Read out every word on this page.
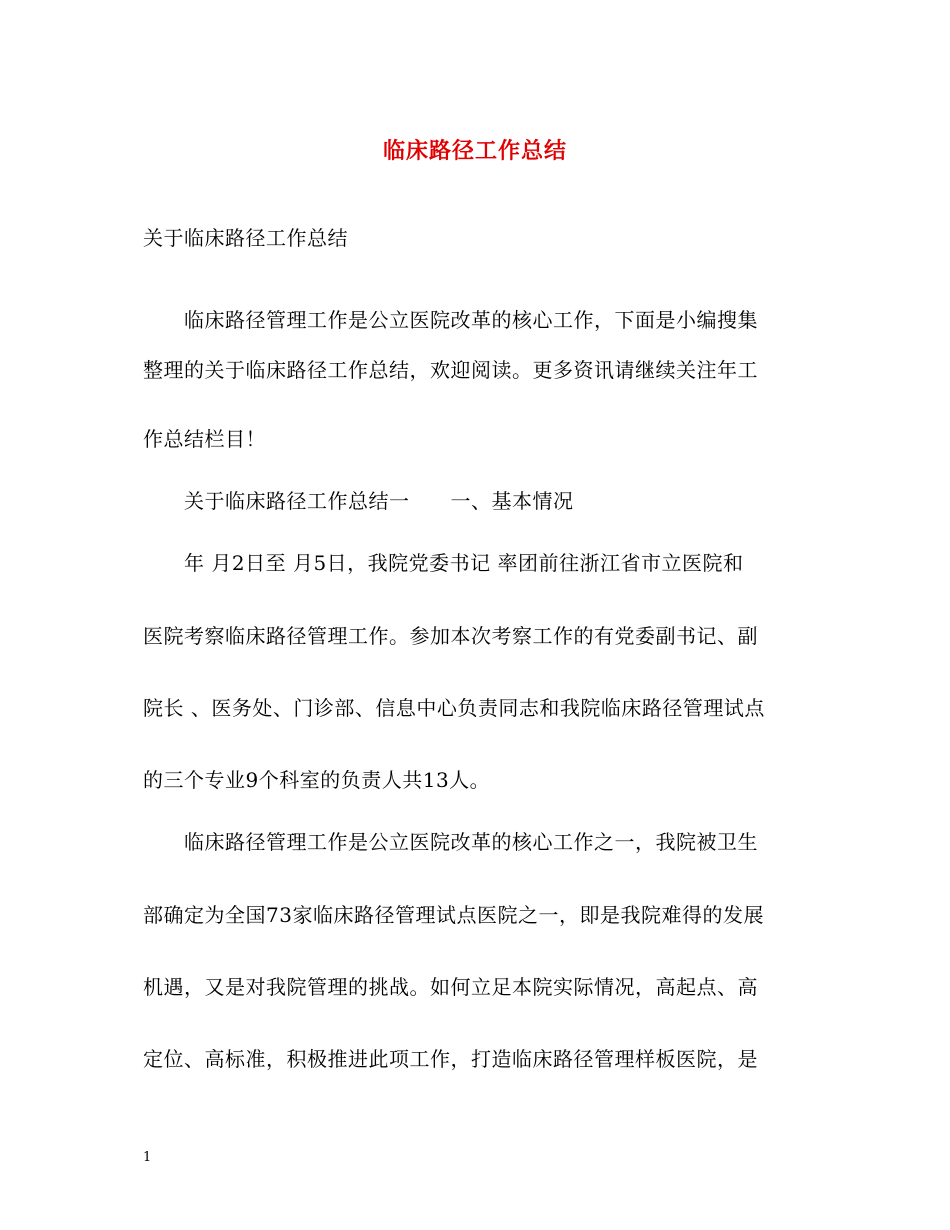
临床路径工作总结
关于临床路径工作总结
　　临床路径管理工作是公立医院改革的核心工作，下面是小编搜集
整理的关于临床路径工作总结，欢迎阅读。更多资讯请继续关注年工
作总结栏目！
　　关于临床路径工作总结一　　一、基本情况
　　年 月2日至 月5日，我院党委书记 率团前往浙江省市立医院和
医院考察临床路径管理工作。参加本次考察工作的有党委副书记、副
院长 、医务处、门诊部、信息中心负责同志和我院临床路径管理试点
的三个专业9个科室的负责人共13人。
　　临床路径管理工作是公立医院改革的核心工作之一，我院被卫生
部确定为全国73家临床路径管理试点医院之一，即是我院难得的发展
机遇，又是对我院管理的挑战。如何立足本院实际情况，高起点、高
定位、高标准，积极推进此项工作，打造临床路径管理样板医院，是
1
